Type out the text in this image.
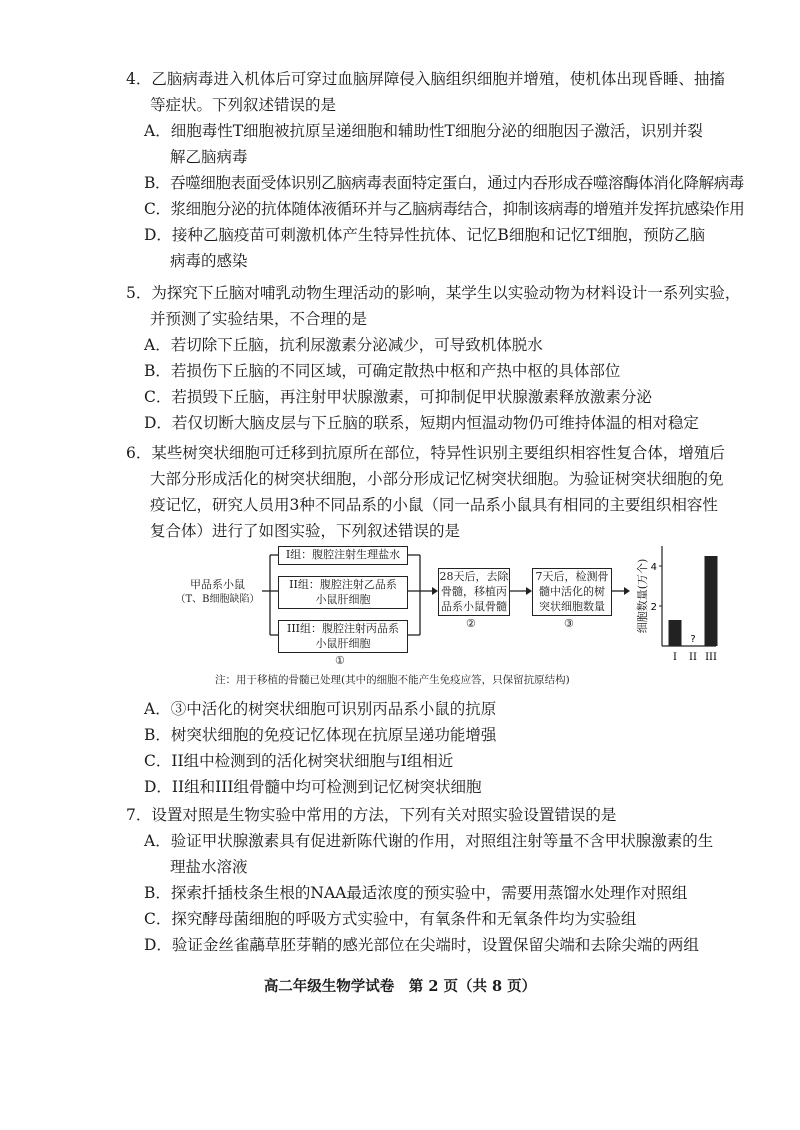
4．乙脑病毒进入机体后可穿过血脑屏障侵入脑组织细胞并增殖，使机体出现昏睡、抽搐
等症状。下列叙述错误的是
A．细胞毒性T细胞被抗原呈递细胞和辅助性T细胞分泌的细胞因子激活，识别并裂
解乙脑病毒
B．吞噬细胞表面受体识别乙脑病毒表面特定蛋白，通过内吞形成吞噬溶酶体消化降解病毒
C．浆细胞分泌的抗体随体液循环并与乙脑病毒结合，抑制该病毒的增殖并发挥抗感染作用
D．接种乙脑疫苗可刺激机体产生特异性抗体、记忆B细胞和记忆T细胞，预防乙脑
病毒的感染
5．为探究下丘脑对哺乳动物生理活动的影响，某学生以实验动物为材料设计一系列实验，
并预测了实验结果，不合理的是
A．若切除下丘脑，抗利尿激素分泌减少，可导致机体脱水
B．若损伤下丘脑的不同区域，可确定散热中枢和产热中枢的具体部位
C．若损毁下丘脑，再注射甲状腺激素，可抑制促甲状腺激素释放激素分泌
D．若仅切断大脑皮层与下丘脑的联系，短期内恒温动物仍可维持体温的相对稳定
6．某些树突状细胞可迁移到抗原所在部位，特异性识别主要组织相容性复合体，增殖后
大部分形成活化的树突状细胞，小部分形成记忆树突状细胞。为验证树突状细胞的免
疫记忆，研究人员用3种不同品系的小鼠（同一品系小鼠具有相同的主要组织相容性
复合体）进行了如图实验，下列叙述错误的是
甲品系小鼠
（T、B细胞缺陷）
I组：腹腔注射生理盐水
II组：腹腔注射乙品系
小鼠肝细胞
III组：腹腔注射丙品系
小鼠肝细胞
①
28天后，去除
骨髓，移植丙
品系小鼠骨髓
②
7天后，检测骨
髓中活化的树
突状细胞数量
③	细胞数量(万个) 2
4
I
?
II III
注：用于移植的骨髓已处理(其中的细胞不能产生免疫应答，只保留抗原结构)
A．③中活化的树突状细胞可识别丙品系小鼠的抗原
B．树突状细胞的免疫记忆体现在抗原呈递功能增强
C．II组中检测到的活化树突状细胞与I组相近
D．II组和III组骨髓中均可检测到记忆树突状细胞
7．设置对照是生物实验中常用的方法，下列有关对照实验设置错误的是
A．验证甲状腺激素具有促进新陈代谢的作用，对照组注射等量不含甲状腺激素的生
理盐水溶液
B．探索扦插枝条生根的NAA最适浓度的预实验中，需要用蒸馏水处理作对照组
C．探究酵母菌细胞的呼吸方式实验中，有氧条件和无氧条件均为实验组
D．验证金丝雀虉草胚芽鞘的感光部位在尖端时，设置保留尖端和去除尖端的两组
高二年级生物学试卷　第 2 页（共 8 页）
